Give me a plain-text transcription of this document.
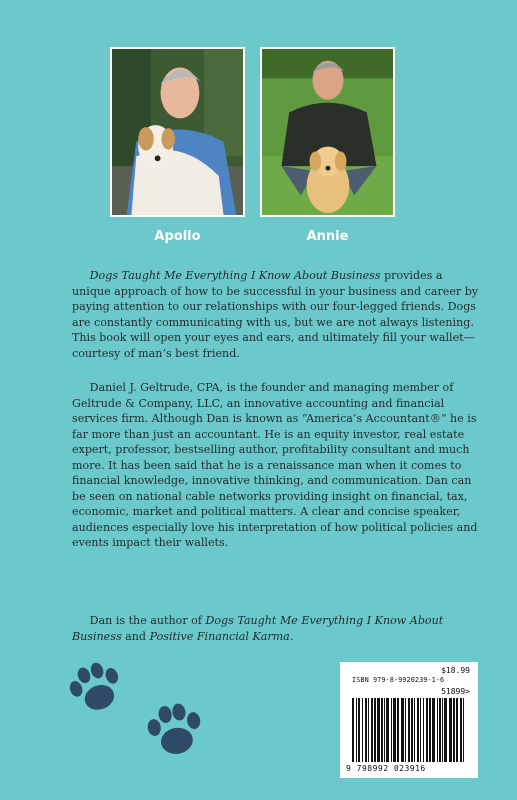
Apollo	Annie

Dogs Taught Me Everything I Know About Business provides a unique approach of how to be successful in your business and career by paying attention to our relationships with our four-legged friends. Dogs are constantly communicating with us, but we are not always listening. This book will open your eyes and ears, and ultimately fill your wallet—courtesy of man’s best friend.

Daniel J. Geltrude, CPA, is the founder and managing member of Geltrude & Company, LLC, an innovative accounting and financial services firm. Although Dan is known as “America’s Accountant®” he is far more than just an accountant. He is an equity investor, real estate expert, professor, bestselling author, profitability consultant and much more. It has been said that he is a renaissance man when it comes to financial knowledge, innovative thinking, and communication. Dan can be seen on national cable networks providing insight on financial, tax, economic, market and political matters. A clear and concise speaker, audiences especially love his interpretation of how political policies and events impact their wallets.

Dan is the author of Dogs Taught Me Everything I Know About Business and Positive Financial Karma.

$18.99
ISBN 979-8-9920239-1-6
51899>
9 798992 023916
